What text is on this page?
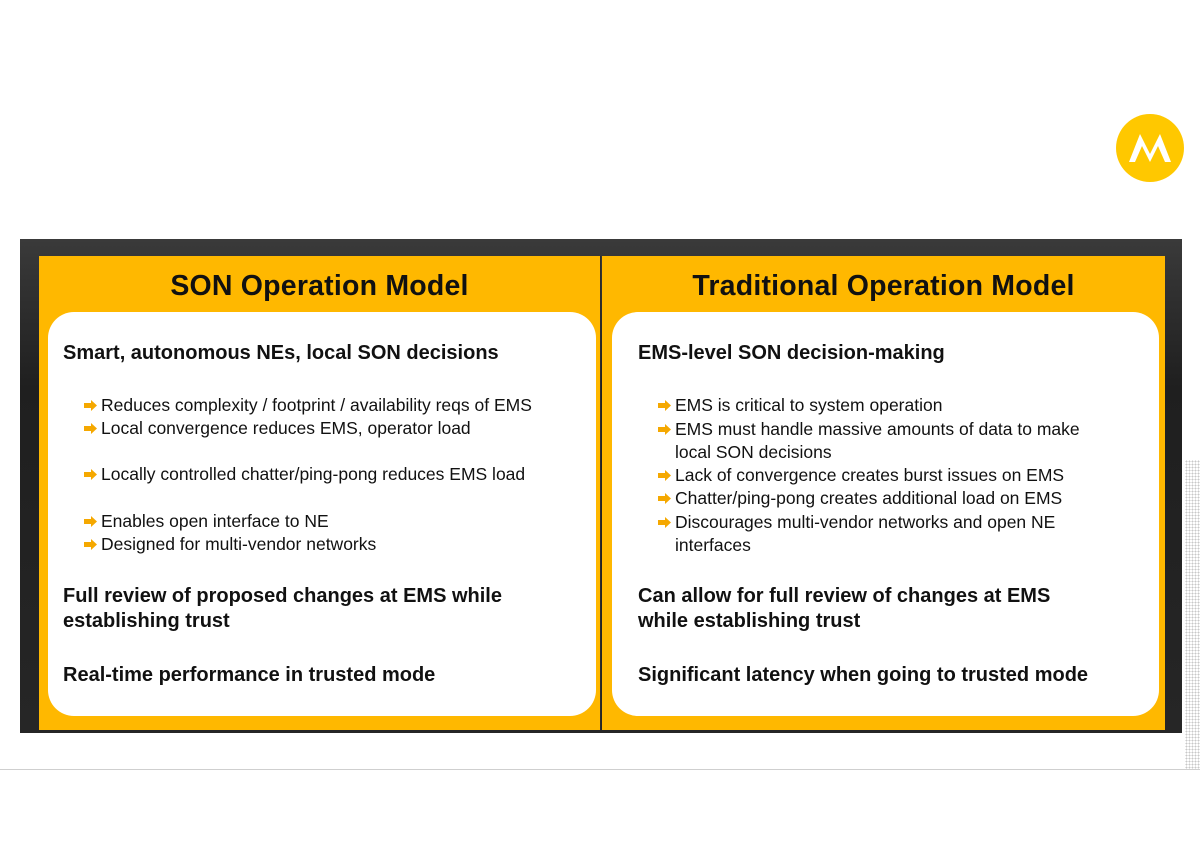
SON Operation Model
Smart, autonomous NEs, local SON decisions
Reduces complexity / footprint / availability reqs of EMS
Local convergence reduces EMS, operator load
Locally controlled chatter/ping-pong reduces EMS load
Enables open interface to NE
Designed for multi-vendor networks
Full review of proposed changes at EMS while
establishing trust
Real-time performance in trusted mode
Traditional Operation Model
EMS-level SON decision-making
EMS is critical to system operation
EMS must handle massive amounts of data to make
local SON decisions
Lack of convergence creates burst issues on EMS
Chatter/ping-pong creates additional load on EMS
Discourages multi-vendor networks and open NE
interfaces
Can allow for full review of changes at EMS
while establishing trust
Significant latency when going to trusted mode
